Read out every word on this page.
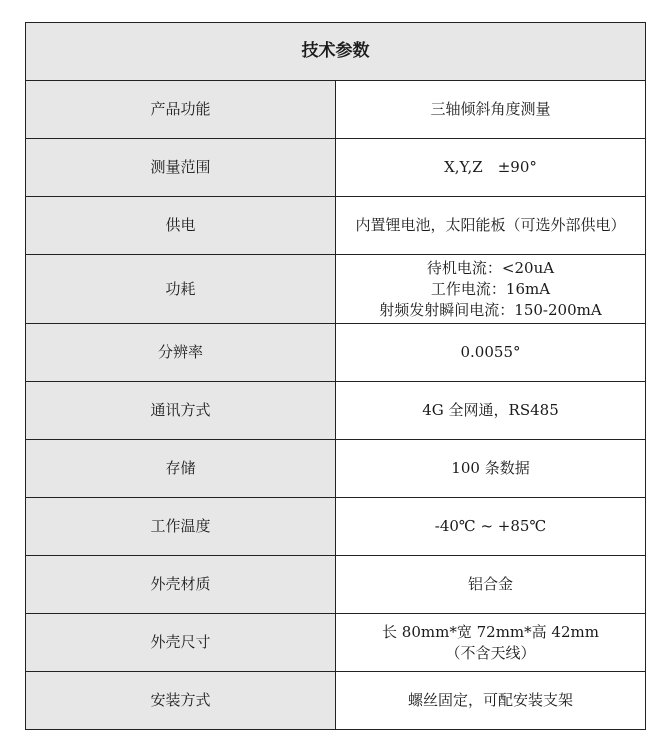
技术参数	
产品功能	三轴倾斜角度测量

测量范围	X,Y,Z　±90°

供电	内置锂电池，太阳能板（可选外部供电）

功耗	待机电流：<20uA
工作电流：16mA
射频发射瞬间电流：150-200mA

分辨率	0.0055°

通讯方式	4G 全网通，RS485

存储	100 条数据

工作温度	-40℃ ~ +85℃

外壳材质	铝合金

外壳尺寸	长 80mm*宽 72mm*高 42mm
（不含天线）

安装方式	螺丝固定，可配安装支架
